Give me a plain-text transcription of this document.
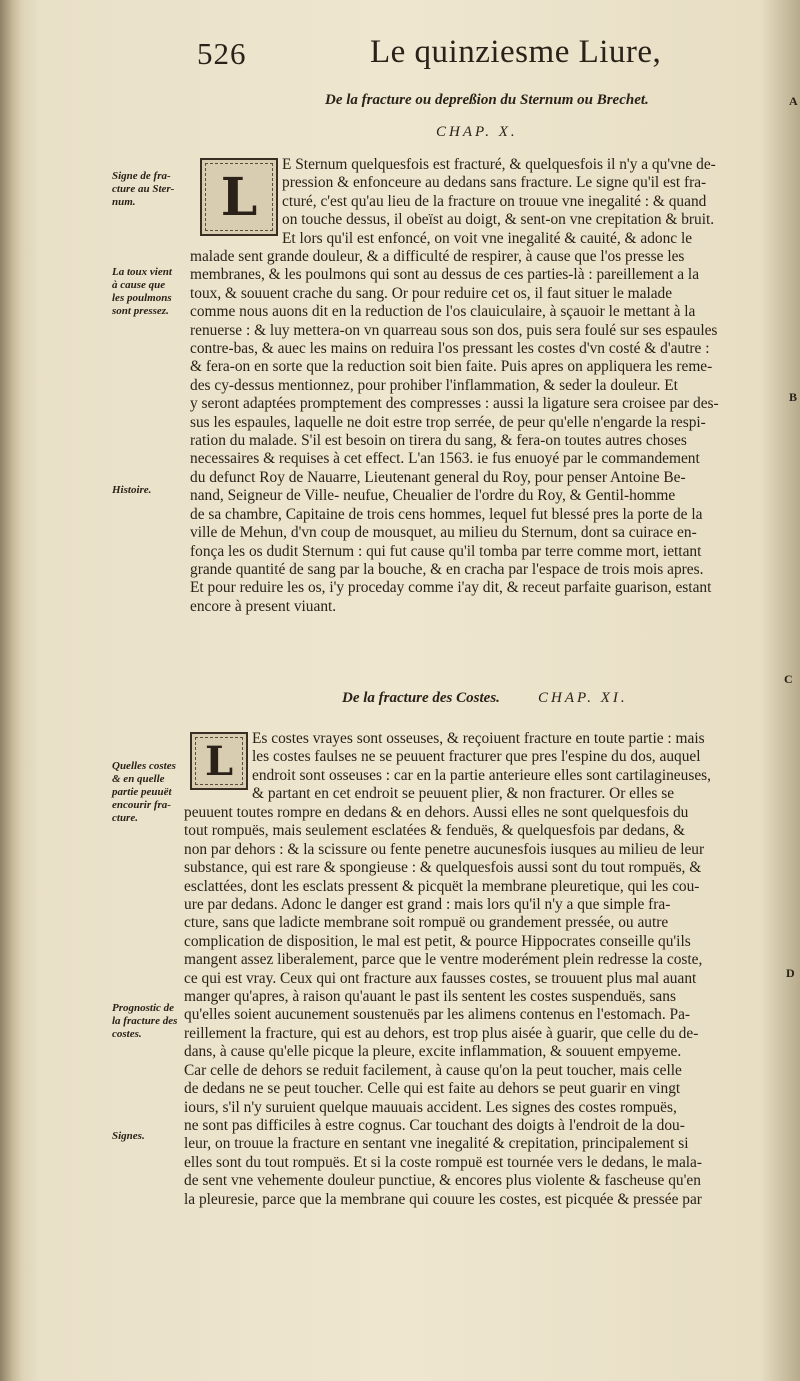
526	Le quinziesme Liure,
De la fracture ou depreßion du Sternum ou Brechet.	A
CHAP. X.
L
E Sternum quelquesfois est fracturé, & quelquesfois il n'y a qu'vne de-
pression & enfonceure au dedans sans fracture. Le signe qu'il est fra-
cturé, c'est qu'au lieu de la fracture on trouue vne inegalité : & quand
on touche dessus, il obeïst au doigt, & sent-on vne crepitation & bruit.
Et lors qu'il est enfoncé, on voit vne inegalité & cauité, & adonc le
malade sent grande douleur, & a difficulté de respirer, à cause que l'os presse les
membranes, & les poulmons qui sont au dessus de ces parties-là : pareillement a la
toux, & souuent crache du sang. Or pour reduire cet os, il faut situer le malade
comme nous auons dit en la reduction de l'os clauiculaire, à sçauoir le mettant à la
renuerse : & luy mettera-on vn quarreau sous son dos, puis sera foulé sur ses espaules
contre-bas, & auec les mains on reduira l'os pressant les costes d'vn costé & d'autre :
& fera-on en sorte que la reduction soit bien faite. Puis apres on appliquera les reme-
des cy-dessus mentionnez, pour prohiber l'inflammation, & seder la douleur. Et
y seront adaptées promptement des compresses : aussi la ligature sera croisee par des-
sus les espaules, laquelle ne doit estre trop serrée, de peur qu'elle n'engarde la respi-
ration du malade. S'il est besoin on tirera du sang, & fera-on toutes autres choses
necessaires & requises à cet effect. L'an 1563. ie fus enuoyé par le commandement
du defunct Roy de Nauarre, Lieutenant general du Roy, pour penser Antoine Be-
nand, Seigneur de Ville- neufue, Cheualier de l'ordre du Roy, & Gentil-homme
de sa chambre, Capitaine de trois cens hommes, lequel fut blessé pres la porte de la
ville de Mehun, d'vn coup de mousquet, au milieu du Sternum, dont sa cuirace en-
fonça les os dudit Sternum : qui fut cause qu'il tomba par terre comme mort, iettant
grande quantité de sang par la bouche, & en cracha par l'espace de trois mois apres.
Et pour reduire les os, i'y proceday comme i'ay dit, & receut parfaite guarison, estant
encore à present viuant.
B
Signe de fra-cture au Ster-num.
La toux vient à cause que les poulmons sont pressez.
Histoire.
C
De la fracture des Costes.	CHAP. XI.
L Es costes vrayes sont osseuses, & reçoiuent fracture en toute partie : mais
les costes faulses ne se peuuent fracturer que pres l'espine du dos, auquel
endroit sont osseuses : car en la partie anterieure elles sont cartilagineuses,
& partant en cet endroit se peuuent plier, & non fracturer. Or elles se
peuuent toutes rompre en dedans & en dehors. Aussi elles ne sont quelquesfois du
tout rompuës, mais seulement esclatées & fenduës, & quelquesfois par dedans, &
non par dehors : & la scissure ou fente penetre aucunesfois iusques au milieu de leur
substance, qui est rare & spongieuse : & quelquesfois aussi sont du tout rompuës, &
esclattées, dont les esclats pressent & picquët la membrane pleuretique, qui les cou-
ure par dedans. Adonc le danger est grand : mais lors qu'il n'y a que simple fra-
cture, sans que ladicte membrane soit rompuë ou grandement pressée, ou autre
complication de disposition, le mal est petit, & pource Hippocrates conseille qu'ils
mangent assez liberalement, parce que le ventre moderément plein redresse la coste,
ce qui est vray. Ceux qui ont fracture aux fausses costes, se trouuent plus mal auant
manger qu'apres, à raison qu'auant le past ils sentent les costes suspenduës, sans
qu'elles soient aucunement soustenuës par les alimens contenus en l'estomach. Pa-
reillement la fracture, qui est au dehors, est trop plus aisée à guarir, que celle du de-
dans, à cause qu'elle picque la pleure, excite inflammation, & souuent empyeme.
Car celle de dehors se reduit facilement, à cause qu'on la peut toucher, mais celle
de dedans ne se peut toucher. Celle qui est faite au dehors se peut guarir en vingt
iours, s'il n'y suruient quelque mauuais accident. Les signes des costes rompuës,
ne sont pas difficiles à estre cognus. Car touchant des doigts à l'endroit de la dou-
leur, on trouue la fracture en sentant vne inegalité & crepitation, principalement si
elles sont du tout rompuës. Et si la coste rompuë est tournée vers le dedans, le mala-
de sent vne vehemente douleur punctiue, & encores plus violente & fascheuse qu'en
la pleuresie, parce que la membrane qui couure les costes, est picquée & pressée par
D
Quelles costes & en quelle partie peuuët encourir fra-cture.
Prognostic de la fracture des costes.
Signes.
